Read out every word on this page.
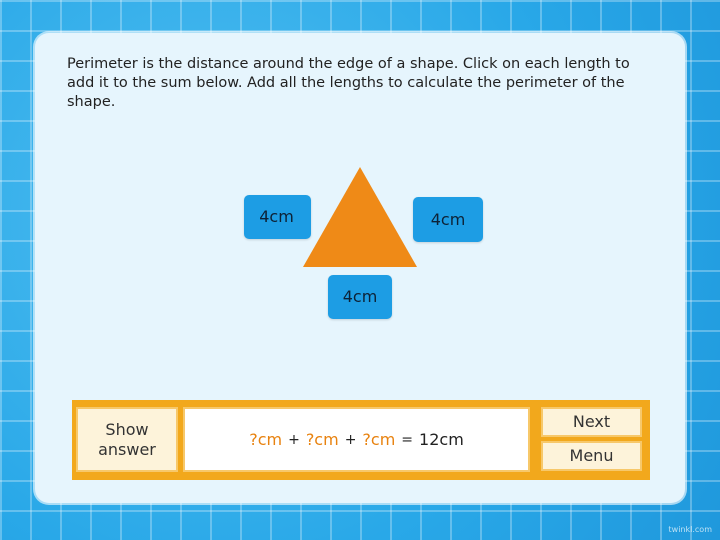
Perimeter is the distance around the edge of a shape. Click on each length to add it to the sum below. Add all the lengths to calculate the perimeter of the shape.
4cm	4cm
4cm
Show
answer	?cm + ?cm + ?cm = 12cm
Next
Menu
twinkl.com
